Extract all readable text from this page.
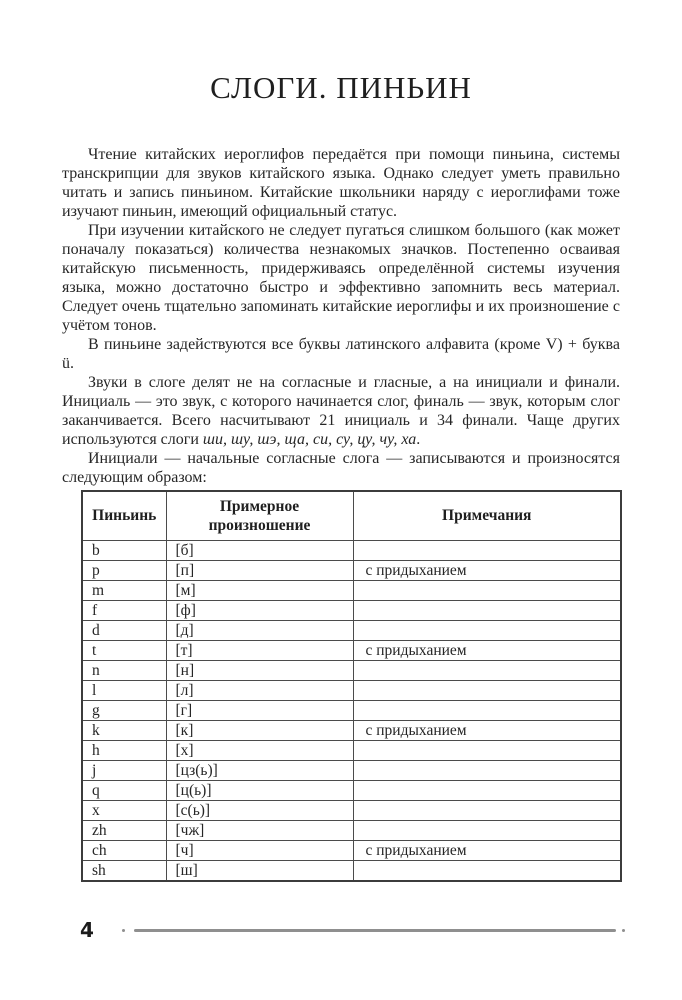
СЛОГИ. ПИНЬИН

Чтение китайских иероглифов передаётся при помощи пиньина, системы транскрипции для звуков китайского языка. Однако следует уметь правильно читать и запись пиньином. Китайские школьники наряду с иероглифами тоже изучают пиньин, имеющий официальный статус.

При изучении китайского не следует пугаться слишком большого (как может поначалу показаться) количества незнакомых значков. Постепенно осваивая китайскую письменность, придерживаясь определённой системы изучения языка, можно достаточно быстро и эффективно запомнить весь материал. Следует очень тщательно запоминать китайские иероглифы и их произношение с учётом тонов.

В пиньине задействуются все буквы латинского алфавита (кроме V) + буква ü.

Звуки в слоге делят не на согласные и гласные, а на инициали и финали. Инициаль — это звук, с которого начинается слог, финаль — звук, которым слог заканчивается. Всего насчитывают 21 инициаль и 34 финали. Чаще других используются слоги ши, шу, шэ, ща, си, су, цу, чу, ха.

Инициали — начальные согласные слога — записываются и произносятся следующим образом:

Пиньинь	Примерное произношение	Примечания
b	[б]	
p	[п]	с придыханием
m	[м]	
f	[ф]	
d	[д]	
t	[т]	с придыханием
n	[н]	
l	[л]	
g	[г]	
k	[к]	с придыханием
h	[х]	
j	[цз(ь)]	
q	[ц(ь)]	
x	[с(ь)]	
zh	[чж]	
ch	[ч]	с придыханием
sh	[ш]	
4
